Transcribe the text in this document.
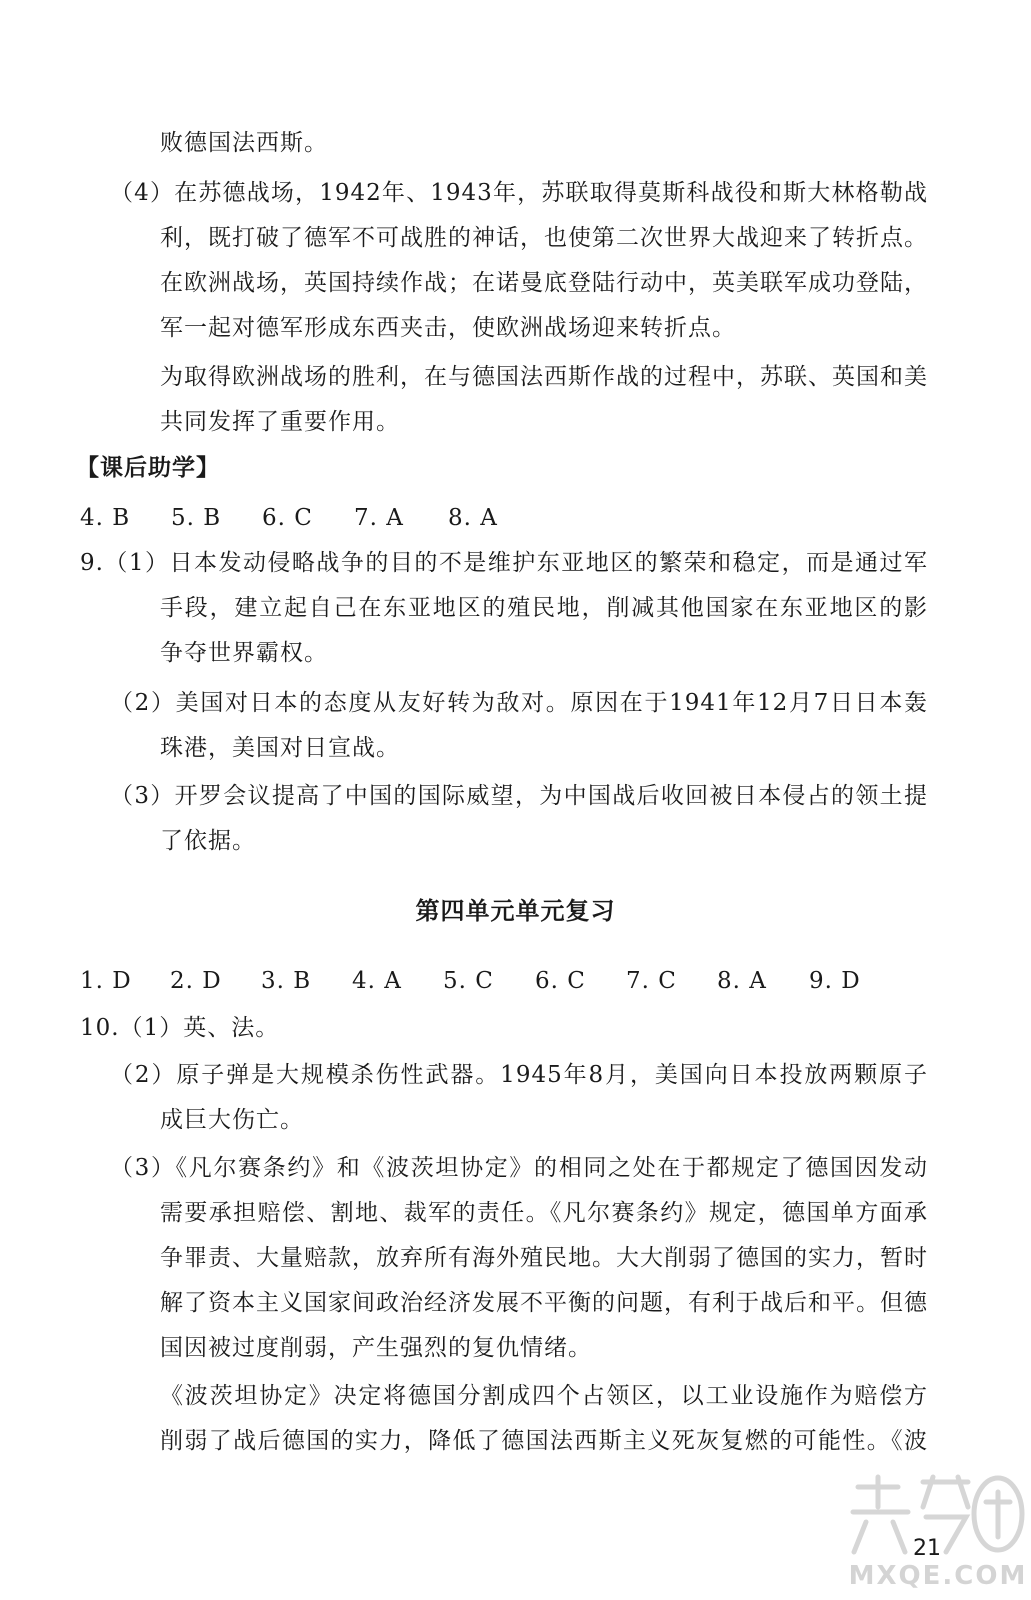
败德国法西斯。
（4）在苏德战场，1942年、1943年，苏联取得莫斯科战役和斯大林格勒战
利，既打破了德军不可战胜的神话，也使第二次世界大战迎来了转折点。
在欧洲战场，英国持续作战；在诺曼底登陆行动中，英美联军成功登陆，
军一起对德军形成东西夹击，使欧洲战场迎来转折点。
为取得欧洲战场的胜利，在与德国法西斯作战的过程中，苏联、英国和美
共同发挥了重要作用。
【课后助学】
4. B	5. B	6. C	7. A	8. A
9.（1）日本发动侵略战争的目的不是维护东亚地区的繁荣和稳定，而是通过军
手段，建立起自己在东亚地区的殖民地，削减其他国家在东亚地区的影
争夺世界霸权。
（2）美国对日本的态度从友好转为敌对。原因在于1941年12月7日日本轰
珠港，美国对日宣战。
（3）开罗会议提高了中国的国际威望，为中国战后收回被日本侵占的领土提
了依据。
第四单元单元复习
1. D	2. D	3. B	4. A	5. C	6. C	7. C	8. A	9. D
10.（1）英、法。
（2）原子弹是大规模杀伤性武器。1945年8月，美国向日本投放两颗原子
成巨大伤亡。
（3）《凡尔赛条约》和《波茨坦协定》的相同之处在于都规定了德国因发动
需要承担赔偿、割地、裁军的责任。《凡尔赛条约》规定，德国单方面承
争罪责、大量赔款，放弃所有海外殖民地。大大削弱了德国的实力，暂时
解了资本主义国家间政治经济发展不平衡的问题，有利于战后和平。但德
国因被过度削弱，产生强烈的复仇情绪。
《波茨坦协定》决定将德国分割成四个占领区，以工业设施作为赔偿方
削弱了战后德国的实力，降低了德国法西斯主义死灰复燃的可能性。《波
MXQE.COM
21
